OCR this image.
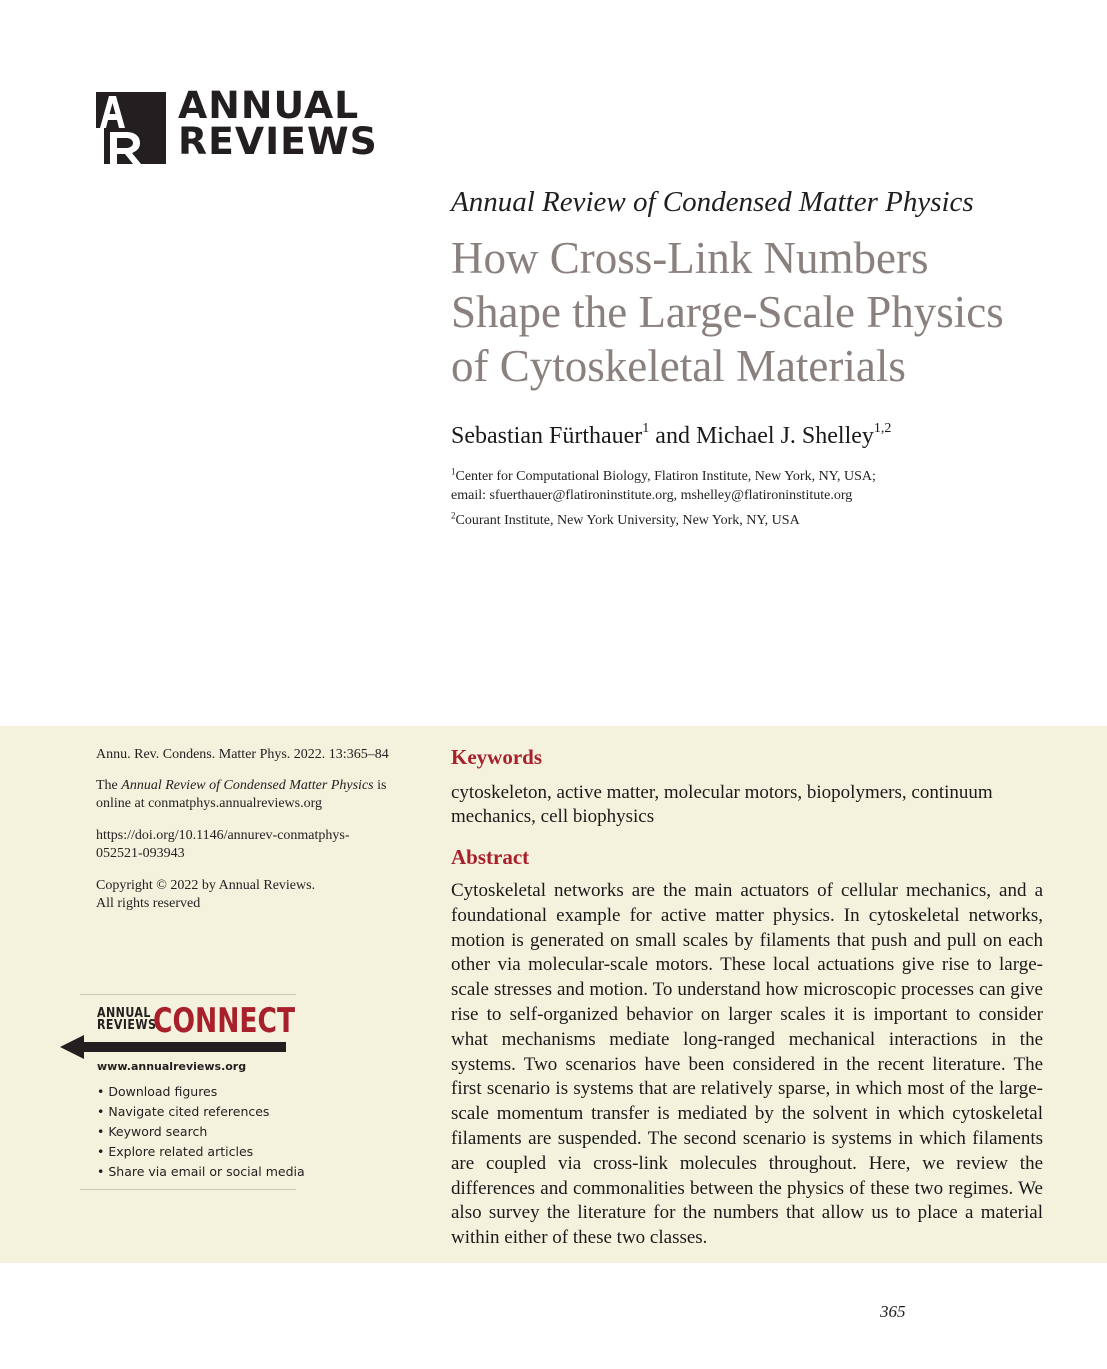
ANNUAL
REVIEWS
Annual Review of Condensed Matter Physics
How Cross-Link Numbers
Shape the Large-Scale Physics
of Cytoskeletal Materials
Sebastian Fürthauer$^1$ and Michael J. Shelley$^{1,2}$
$^1$Center for Computational Biology, Flatiron Institute, New York, NY, USA;
email: sfuerthauer@flatironinstitute.org, mshelley@flatironinstitute.org
$^2$Courant Institute, New York University, New York, NY, USA
Annu. Rev. Condens. Matter Phys. 2022. 13:365–84
The Annual Review of Condensed Matter Physics is
online at conmatphys.annualreviews.org
https://doi.org/10.1146/annurev-conmatphys-
052521-093943
Copyright © 2022 by Annual Reviews.
All rights reserved
ANNUAL
REVIEWS
CONNECT
www.annualreviews.org
• Download figures
• Navigate cited references
• Keyword search
• Explore related articles
• Share via email or social media
Keywords
cytoskeleton, active matter, molecular motors, biopolymers, continuum mechanics, cell biophysics
Abstract
Cytoskeletal networks are the main actuators of cellular mechanics, and a foundational example for active matter physics. In cytoskeletal networks, motion is generated on small scales by filaments that push and pull on each other via molecular-scale motors. These local actuations give rise to large-scale stresses and motion. To understand how microscopic processes can give rise to self-organized behavior on larger scales it is important to consider what mechanisms mediate long-ranged mechanical interactions in the systems. Two scenarios have been considered in the recent literature. The first scenario is systems that are relatively sparse, in which most of the large-scale momentum transfer is mediated by the solvent in which cytoskeletal filaments are suspended. The second scenario is systems in which filaments are coupled via cross-link molecules throughout. Here, we review the differences and commonalities between the physics of these two regimes. We also survey the literature for the numbers that allow us to place a material within either of these two classes.
365
